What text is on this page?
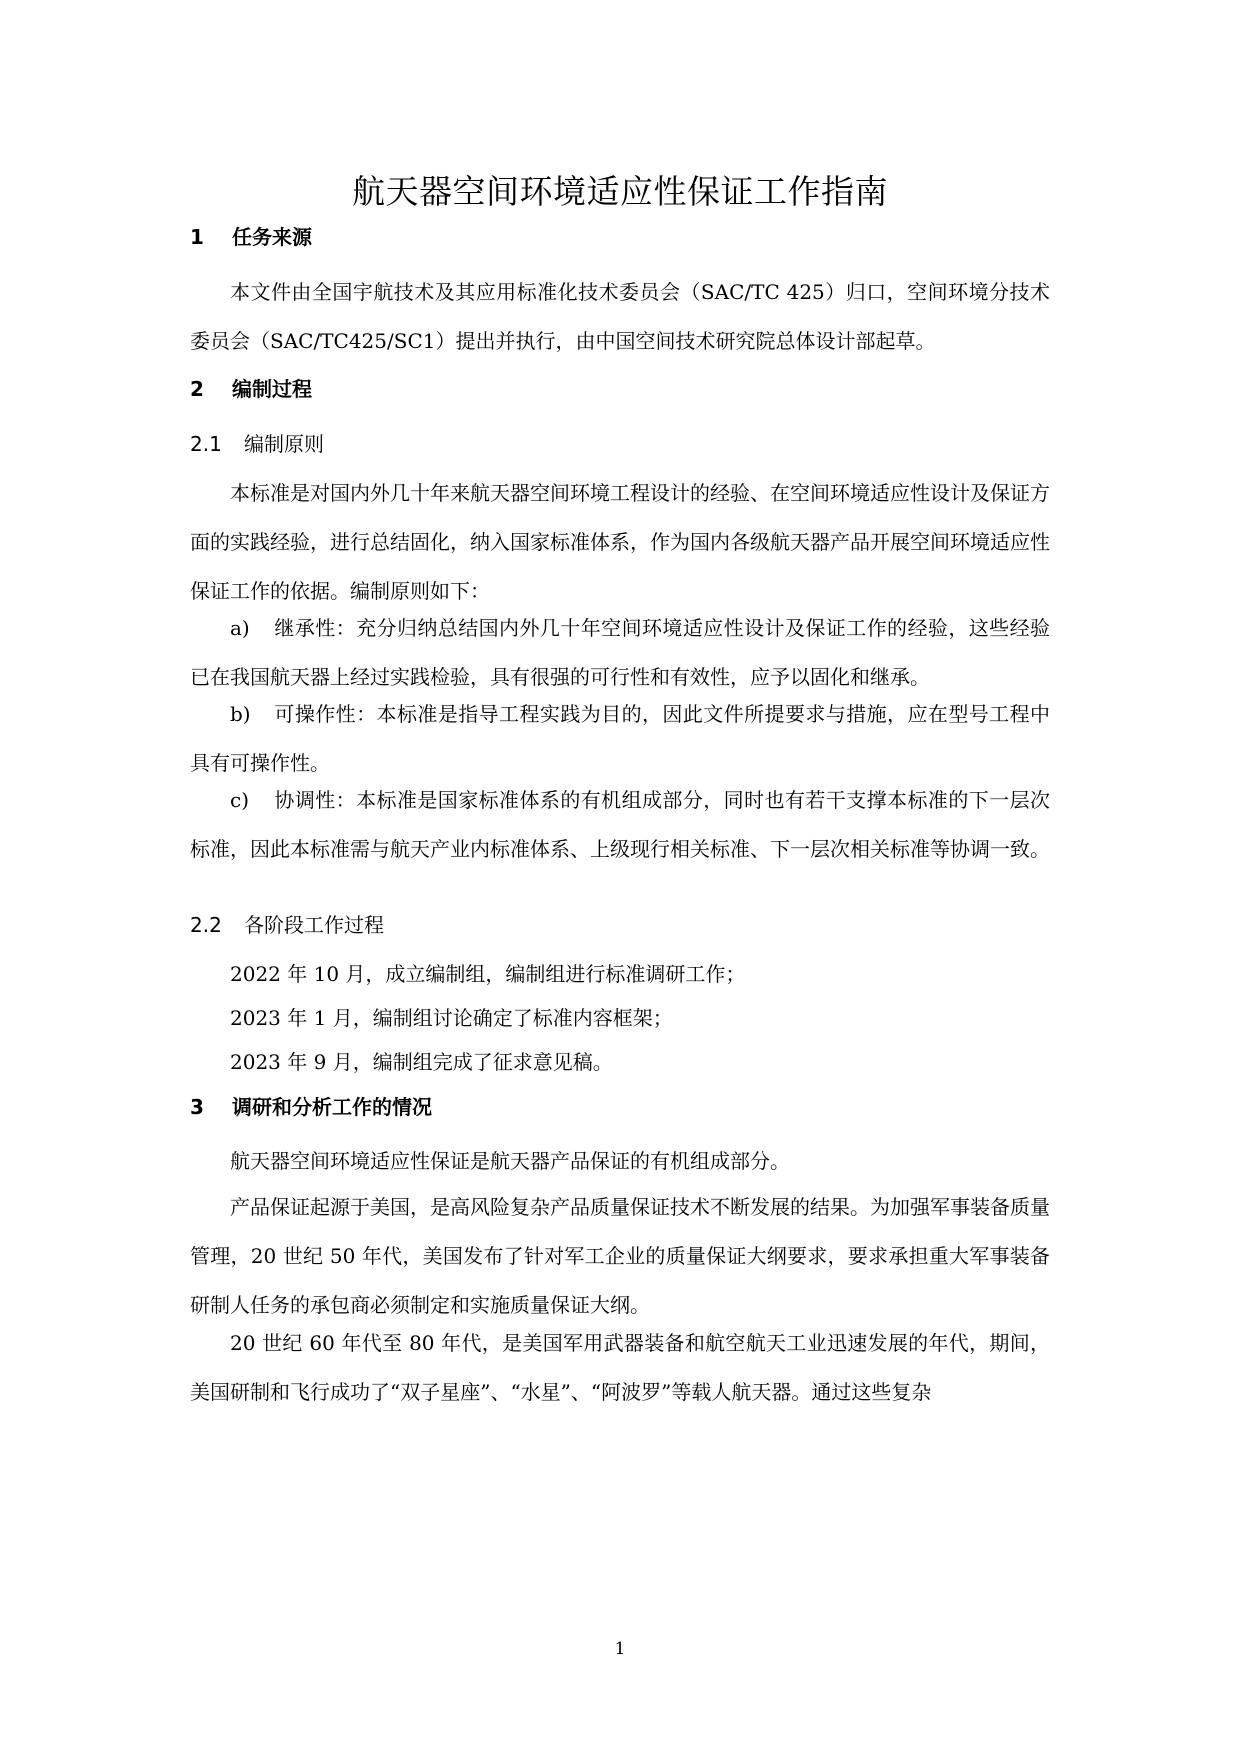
航天器空间环境适应性保证工作指南
1 任务来源

本文件由全国宇航技术及其应用标准化技术委员会（SAC/TC 425）归口，空间环境分技术委员会（SAC/TC425/SC1）提出并执行，由中国空间技术研究院总体设计部起草。

2 编制过程
2.1 编制原则

本标准是对国内外几十年来航天器空间环境工程设计的经验、在空间环境适应性设计及保证方面的实践经验，进行总结固化，纳入国家标准体系，作为国内各级航天器产品开展空间环境适应性保证工作的依据。编制原则如下：

a) 继承性：充分归纳总结国内外几十年空间环境适应性设计及保证工作的经验，这些经验已在我国航天器上经过实践检验，具有很强的可行性和有效性，应予以固化和继承。

b) 可操作性：本标准是指导工程实践为目的，因此文件所提要求与措施，应在型号工程中具有可操作性。

c) 协调性：本标准是国家标准体系的有机组成部分，同时也有若干支撑本标准的下一层次标准，因此本标准需与航天产业内标准体系、上级现行相关标准、下一层次相关标准等协调一致。

2.2 各阶段工作过程

2022 年 10 月，成立编制组，编制组进行标准调研工作；

2023 年 1 月，编制组讨论确定了标准内容框架；

2023 年 9 月，编制组完成了征求意见稿。

3 调研和分析工作的情况

航天器空间环境适应性保证是航天器产品保证的有机组成部分。

产品保证起源于美国，是高风险复杂产品质量保证技术不断发展的结果。为加强军事装备质量管理，20 世纪 50 年代，美国发布了针对军工企业的质量保证大纲要求，要求承担重大军事装备研制人任务的承包商必须制定和实施质量保证大纲。

20 世纪 60 年代至 80 年代，是美国军用武器装备和航空航天工业迅速发展的年代，期间，美国研制和飞行成功了“双子星座”、“水星”、“阿波罗”等载人航天器。通过这些复杂

1
